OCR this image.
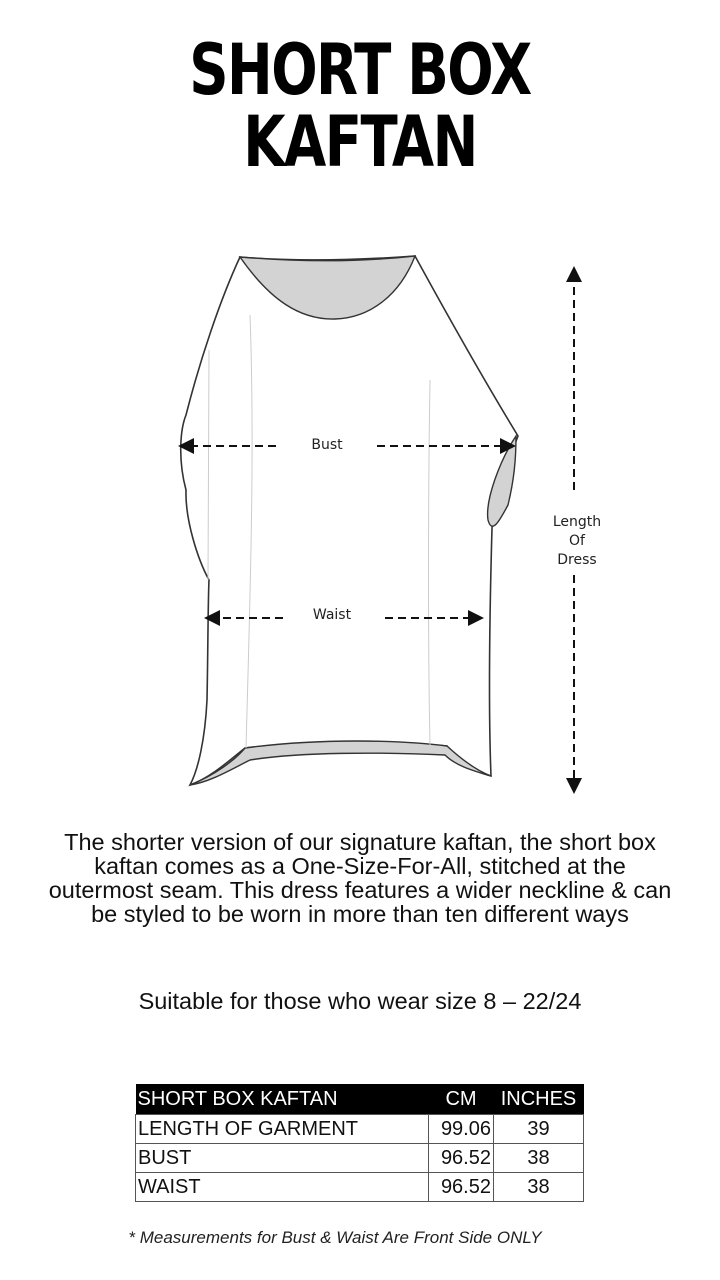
SHORT BOX
KAFTAN
Bust
Waist
Length
Of
Dress
The shorter version of our signature kaftan, the short box kaftan comes as a One-Size-For-All, stitched at the outermost seam. This dress features a wider neckline & can be styled to be worn in more than ten different ways
Suitable for those who wear size 8 – 22/24
SHORT BOX KAFTAN	CM	INCHES
LENGTH OF GARMENT	99.06	39
BUST	96.52	38
WAIST	96.52	38
* Measurements for Bust & Waist Are Front Side ONLY
